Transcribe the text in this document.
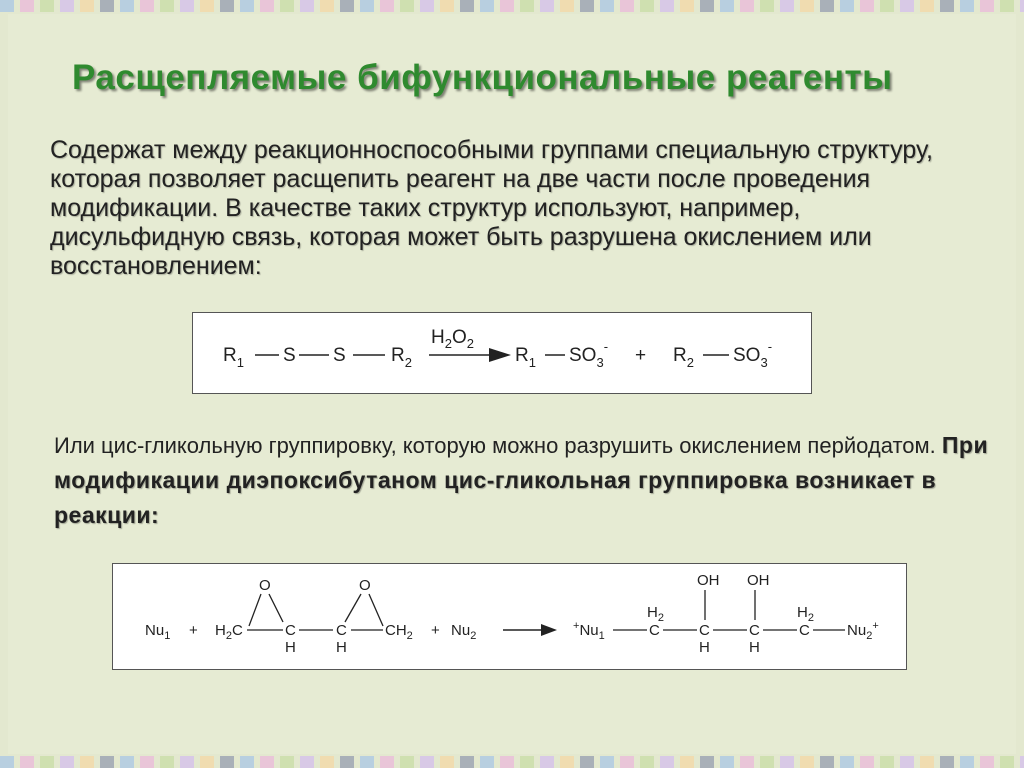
Расщепляемые бифункциональные реагенты
Содержат между реакционноспособными группами специальную структуру, которая позволяет расщепить реагент на две части после проведения модификации. В качестве таких структур используют, например, дисульфидную связь, которая может быть разрушена окислением или восстановлением:
$R_1$ S S $R_2$
$H_2O_2$
$R_1$ $SO_3^- + R_2$ $SO_3^-$
Или цис-гликольную группировку, которую можно разрушить окислением перйодатом. При модификации диэпоксибутаном цис-гликольная группировка возникает в реакции:
$Nu_1 + H_2C$
O
C
H
C
H
O
$CH_2 + Nu_2$
$^+Nu_1$
$H_2$
C
OH
C
H
OH
C
H
$H_2$
C $Nu_2^+$
